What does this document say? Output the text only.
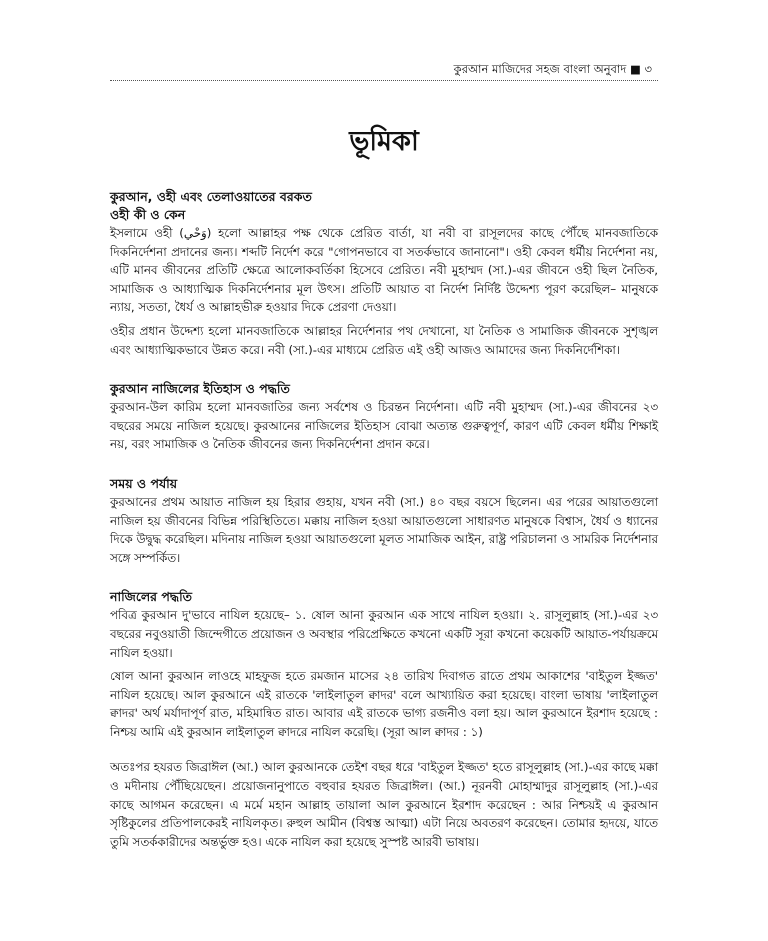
কুরআন মাজিদের সহজ বাংলা অনুবাদ ■ ৩
ভূমিকা
কুরআন, ওহী এবং তেলাওয়াতের বরকত
ওহী কী ও কেন

ইসলামে ওহী (وَحْي) হলো আল্লাহর পক্ষ থেকে প্রেরিত বার্তা, যা নবী বা রাসূলদের কাছে পৌঁছে মানবজাতিকে দিকনির্দেশনা প্রদানের জন্য। শব্দটি নির্দেশ করে "গোপনভাবে বা সতর্কভাবে জানানো"। ওহী কেবল ধর্মীয় নির্দেশনা নয়, এটি মানব জীবনের প্রতিটি ক্ষেত্রে আলোকবর্তিকা হিসেবে প্রেরিত। নবী মুহাম্মদ (সা.)-এর জীবনে ওহী ছিল নৈতিক, সামাজিক ও আধ্যাত্মিক দিকনির্দেশনার মূল উৎস। প্রতিটি আয়াত বা নির্দেশ নির্দিষ্ট উদ্দেশ্য পূরণ করেছিল– মানুষকে ন্যায়, সততা, ধৈর্য ও আল্লাহভীরু হওয়ার দিকে প্রেরণা দেওয়া।

ওহীর প্রধান উদ্দেশ্য হলো মানবজাতিকে আল্লাহর নির্দেশনার পথ দেখানো, যা নৈতিক ও সামাজিক জীবনকে সুশৃঙ্খল এবং আধ্যাত্মিকভাবে উন্নত করে। নবী (সা.)-এর মাধ্যমে প্রেরিত এই ওহী আজও আমাদের জন্য দিকনির্দেশিকা।

কুরআন নাজিলের ইতিহাস ও পদ্ধতি

কুরআন-উল কারিম হলো মানবজাতির জন্য সর্বশেষ ও চিরন্তন নির্দেশনা। এটি নবী মুহাম্মদ (সা.)-এর জীবনের ২৩ বছরের সময়ে নাজিল হয়েছে। কুরআনের নাজিলের ইতিহাস বোঝা অত্যন্ত গুরুত্বপূর্ণ, কারণ এটি কেবল ধর্মীয় শিক্ষাই নয়, বরং সামাজিক ও নৈতিক জীবনের জন্য দিকনির্দেশনা প্রদান করে।

সময় ও পর্যায়

কুরআনের প্রথম আয়াত নাজিল হয় হিরার গুহায়, যখন নবী (সা.) ৪০ বছর বয়সে ছিলেন। এর পরের আয়াতগুলো নাজিল হয় জীবনের বিভিন্ন পরিস্থিতিতে। মক্কায় নাজিল হওয়া আয়াতগুলো সাধারণত মানুষকে বিশ্বাস, ধৈর্য ও ধ্যানের দিকে উদ্বুদ্ধ করেছিল। মদিনায় নাজিল হওয়া আয়াতগুলো মূলত সামাজিক আইন, রাষ্ট্র পরিচালনা ও সামরিক নির্দেশনার সঙ্গে সম্পর্কিত।

নাজিলের পদ্ধতি

পবিত্র কুরআন দু'ভাবে নাযিল হয়েছে– ১. ষোল আনা কুরআন এক সাথে নাযিল হওয়া। ২. রাসূলুল্লাহ (সা.)-এর ২৩ বছরের নবুওয়াতী জিন্দেগীতে প্রয়োজন ও অবস্থার পরিপ্রেক্ষিতে কখনো একটি সূরা কখনো কয়েকটি আয়াত-পর্যায়ক্রমে নাযিল হওয়া।

ষোল আনা কুরআন লাওহে মাহফুজ হতে রমজান মাসের ২৪ তারিখ দিবাগত রাতে প্রথম আকাশের 'বাইতুল ইজ্জত' নাযিল হয়েছে। আল কুরআনে এই রাতকে 'লাইলাতুল ক্বাদর' বলে আখ্যায়িত করা হয়েছে। বাংলা ভাষায় 'লাইলাতুল ক্বাদর' অর্থ মর্যাদাপূর্ণ রাত, মহিমান্বিত রাত। আবার এই রাতকে ভাগ্য রজনীও বলা হয়। আল কুরআনে ইরশাদ হয়েছে : নিশ্চয় আমি এই কুরআন লাইলাতুল ক্বাদরে নাযিল করেছি। (সূরা আল ক্বাদর : ১)

অতঃপর হযরত জিব্রাঈল (আ.) আল কুরআনকে তেইশ বছর ধরে 'বাইতুল ইজ্জত' হতে রাসূলুল্লাহ (সা.)-এর কাছে মক্কা ও মদীনায় পৌঁছিয়েছেন। প্রয়োজনানুপাতে বহুবার হযরত জিব্রাঈল। (আ.) নূরনবী মোহাম্মাদুর রাসূলুল্লাহ (সা.)-এর কাছে আগমন করেছেন। এ মর্মে মহান আল্লাহ তায়ালা আল কুরআনে ইরশাদ করেছেন : আর নিশ্চয়ই এ কুরআন সৃষ্টিকুলের প্রতিপালকেরই নাযিলকৃত। রুহুল আমীন (বিশ্বস্ত আত্মা) এটা নিয়ে অবতরণ করেছেন। তোমার হৃদয়ে, যাতে তুমি সতর্ককারীদের অন্তর্ভুক্ত হও। একে নাযিল করা হয়েছে সুস্পষ্ট আরবী ভাষায়।
